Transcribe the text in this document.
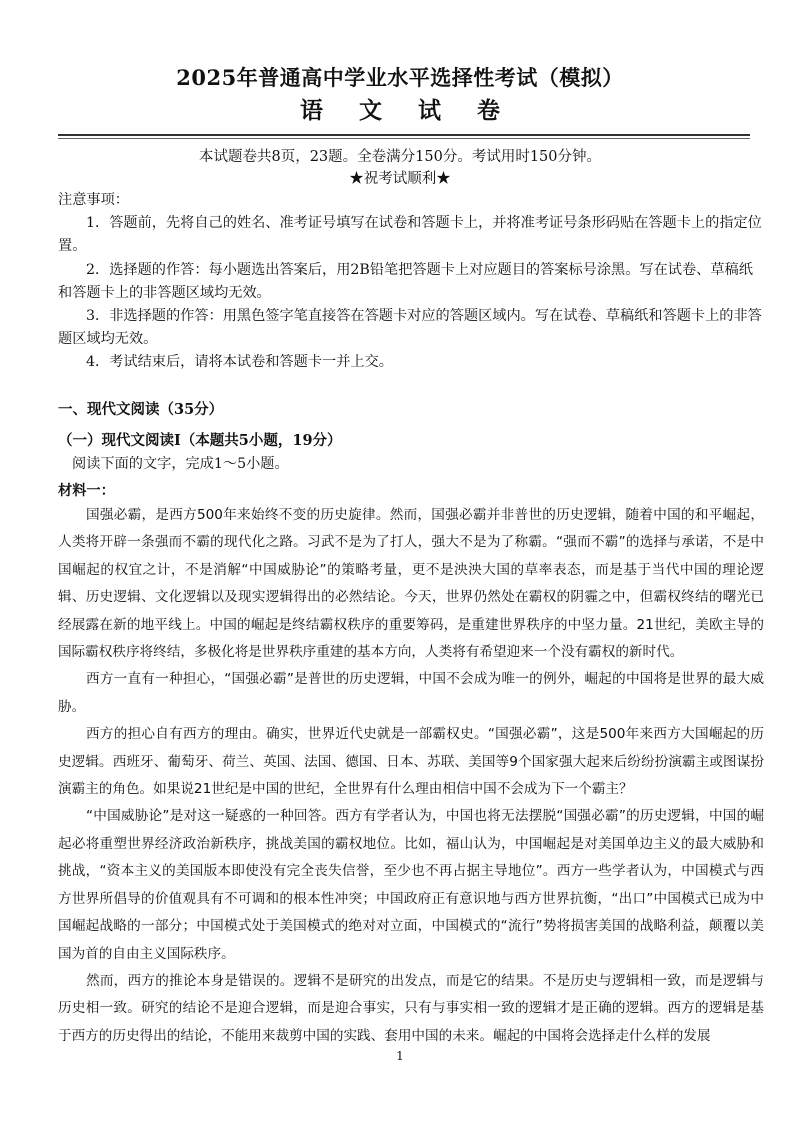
2025年普通高中学业水平选择性考试（模拟）
语 文 试 卷
本试题卷共8页，23题。全卷满分150分。考试用时150分钟。
★祝考试顺利★

注意事项：

1．答题前，先将自己的姓名、准考证号填写在试卷和答题卡上，并将准考证号条形码贴在答题卡上的指定位置。

2．选择题的作答：每小题选出答案后，用2B铅笔把答题卡上对应题目的答案标号涂黑。写在试卷、草稿纸和答题卡上的非答题区域均无效。

3．非选择题的作答：用黑色签字笔直接答在答题卡对应的答题区域内。写在试卷、草稿纸和答题卡上的非答题区域均无效。

4．考试结束后，请将本试卷和答题卡一并上交。

一、现代文阅读（35分）
（一）现代文阅读Ⅰ（本题共5小题，19分）
阅读下面的文字，完成1～5小题。
材料一：

国强必霸，是西方500年来始终不变的历史旋律。然而，国强必霸并非普世的历史逻辑，随着中国的和平崛起，人类将开辟一条强而不霸的现代化之路。习武不是为了打人，强大不是为了称霸。“强而不霸”的选择与承诺，不是中国崛起的权宜之计，不是消解“中国威胁论”的策略考量，更不是泱泱大国的草率表态，而是基于当代中国的理论逻辑、历史逻辑、文化逻辑以及现实逻辑得出的必然结论。今天，世界仍然处在霸权的阴霾之中，但霸权终结的曙光已经展露在新的地平线上。中国的崛起是终结霸权秩序的重要筹码，是重建世界秩序的中坚力量。21世纪，美欧主导的国际霸权秩序将终结，多极化将是世界秩序重建的基本方向，人类将有希望迎来一个没有霸权的新时代。

西方一直有一种担心，“国强必霸”是普世的历史逻辑，中国不会成为唯一的例外，崛起的中国将是世界的最大威胁。

西方的担心自有西方的理由。确实，世界近代史就是一部霸权史。“国强必霸”，这是500年来西方大国崛起的历史逻辑。西班牙、葡萄牙、荷兰、英国、法国、德国、日本、苏联、美国等9个国家强大起来后纷纷扮演霸主或图谋扮演霸主的角色。如果说21世纪是中国的世纪，全世界有什么理由相信中国不会成为下一个霸主？

“中国威胁论”是对这一疑惑的一种回答。西方有学者认为，中国也将无法摆脱“国强必霸”的历史逻辑，中国的崛起必将重塑世界经济政治新秩序，挑战美国的霸权地位。比如，福山认为，中国崛起是对美国单边主义的最大威胁和挑战，“资本主义的美国版本即使没有完全丧失信誉，至少也不再占据主导地位”。西方一些学者认为，中国模式与西方世界所倡导的价值观具有不可调和的根本性冲突；中国政府正有意识地与西方世界抗衡，“出口”中国模式已成为中国崛起战略的一部分；中国模式处于美国模式的绝对对立面，中国模式的“流行”势将损害美国的战略利益，颠覆以美国为首的自由主义国际秩序。

然而，西方的推论本身是错误的。逻辑不是研究的出发点，而是它的结果。不是历史与逻辑相一致，而是逻辑与历史相一致。研究的结论不是迎合逻辑，而是迎合事实，只有与事实相一致的逻辑才是正确的逻辑。西方的逻辑是基于西方的历史得出的结论，不能用来裁剪中国的实践、套用中国的未来。崛起的中国将会选择走什么样的发展

1
